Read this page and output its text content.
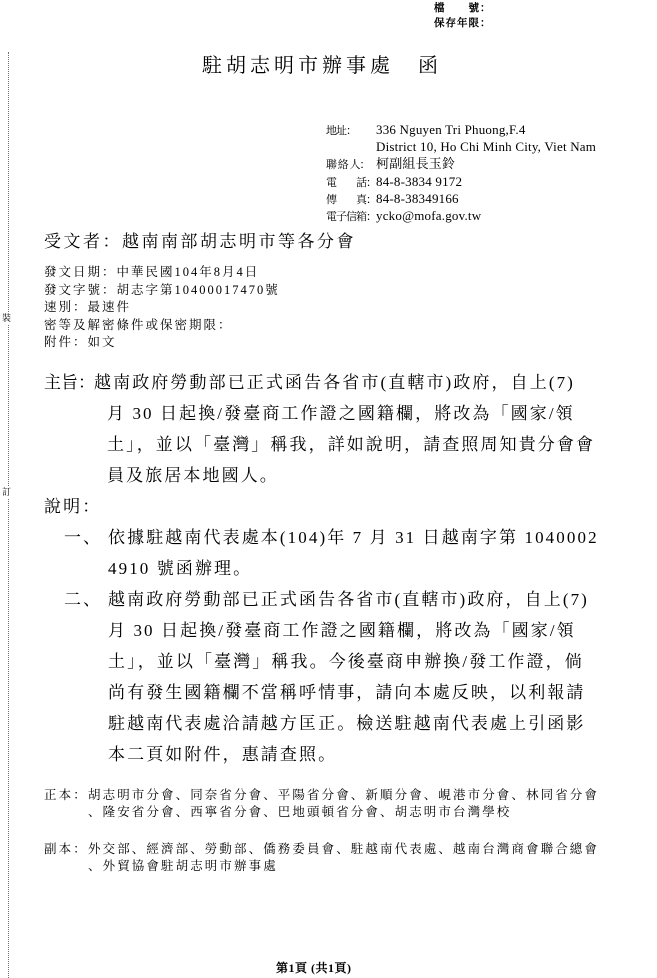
裝
訂
檔　　號：
保存年限：
駐胡志明市辦事處　函
地址： 336 Nguyen Tri Phuong,F.4
District 10, Ho Chi Minh City, Viet Nam
聯 絡 人： 柯副組長玉鈴
電　　話：84-8-3834 9172
傳　　真：84-8-38349166
電子信箱：ycko@mofa.gov.tw
受文者：越南南部胡志明市等各分會
發文日期：中華民國104年8月4日
發文字號：胡志字第10400017470號
速別：最速件
密等及解密條件或保密期限：
附件：如文
主旨： 越南政府勞動部已正式函告各省市(直轄市)政府，自上(7)
月 30 日起換/發臺商工作證之國籍欄，將改為「國家/領
土」，並以「臺灣」稱我，詳如說明，請查照周知貴分會會
員及旅居本地國人。
說明：
一、 依據駐越南代表處本(104)年 7 月 31 日越南字第 1040002
4910 號函辦理。
二、 越南政府勞動部已正式函告各省市(直轄市)政府，自上(7)
月 30 日起換/發臺商工作證之國籍欄，將改為「國家/領
土」，並以「臺灣」稱我。今後臺商申辦換/發工作證，倘
尚有發生國籍欄不當稱呼情事，請向本處反映，以利報請
駐越南代表處洽請越方匡正。檢送駐越南代表處上引函影
本二頁如附件，惠請查照。
正本： 胡志明市分會、同奈省分會、平陽省分會、新順分會、峴港市分會、林同省分會
、隆安省分會、西寧省分會、巴地頭頓省分會、胡志明市台灣學校
副本： 外交部、經濟部、勞動部、僑務委員會、駐越南代表處、越南台灣商會聯合總會
、外貿協會駐胡志明市辦事處
第1頁 (共1頁)
